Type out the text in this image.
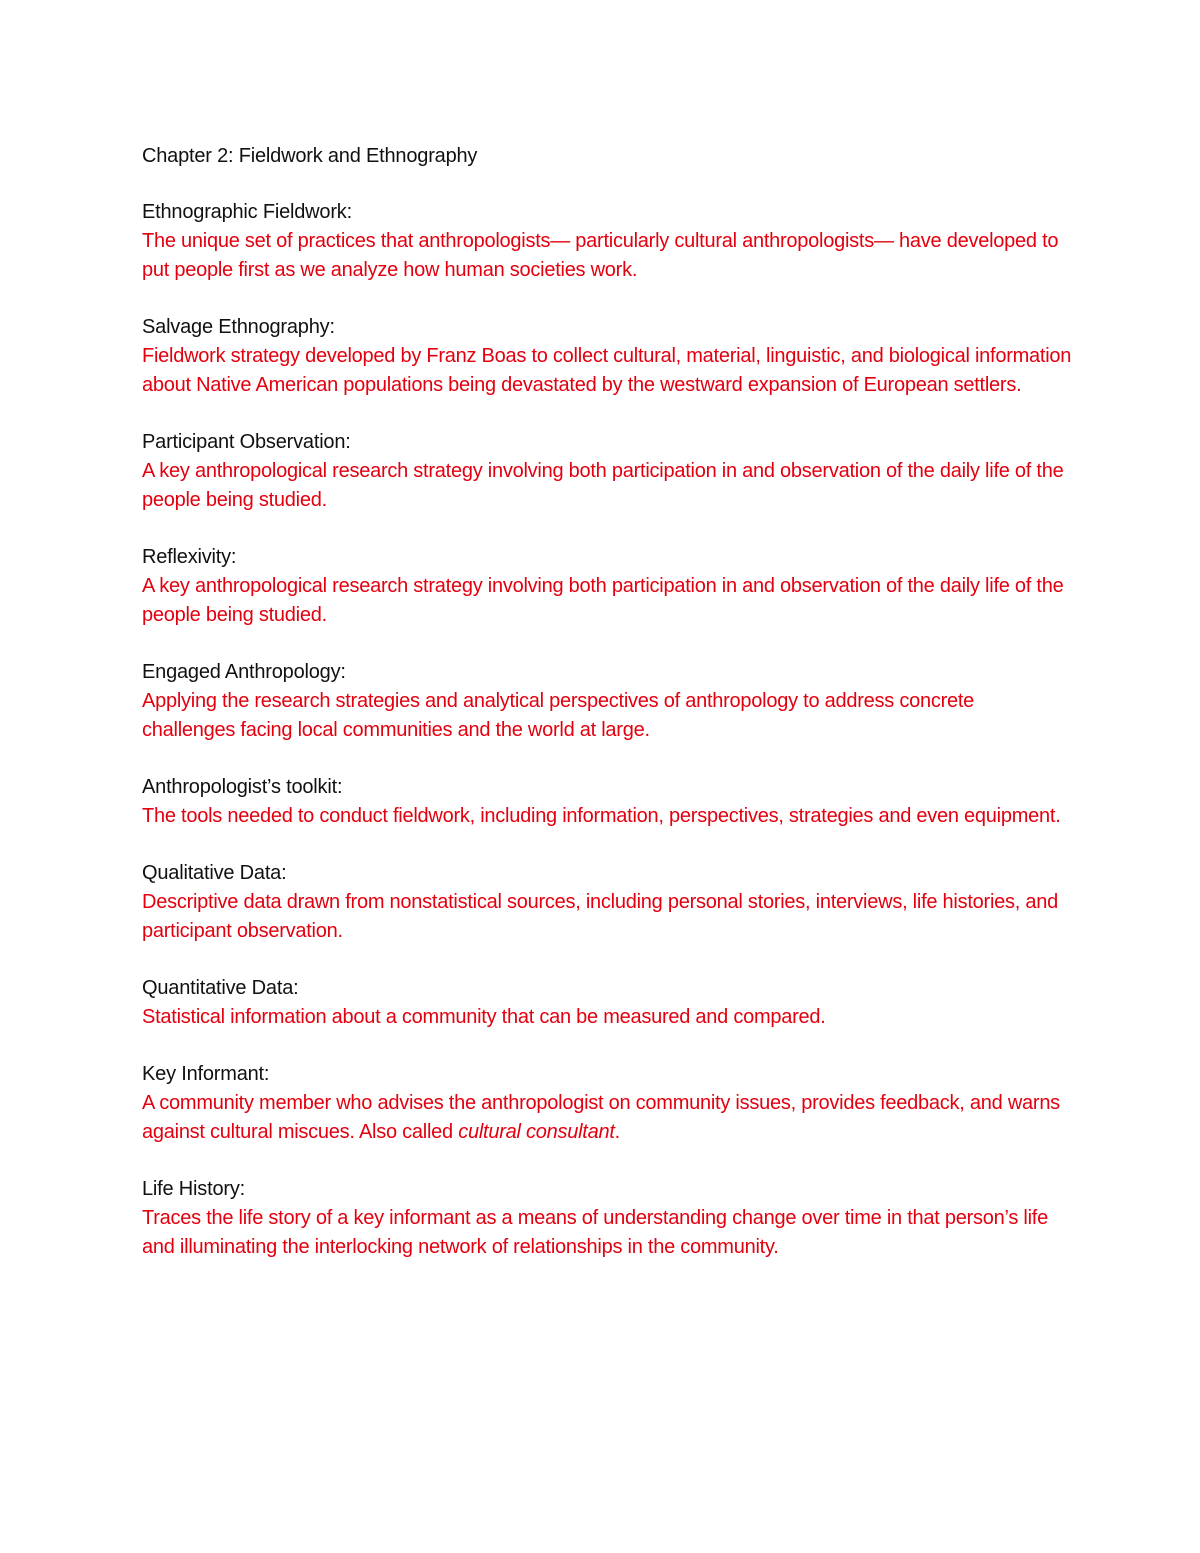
Chapter 2: Fieldwork and Ethnography
Ethnographic Fieldwork:
The unique set of practices that anthropologists— particularly cultural anthropologists— have developed to put people first as we analyze how human societies work.
Salvage Ethnography:
Fieldwork strategy developed by Franz Boas to collect cultural, material, linguistic, and biological information about Native American populations being devastated by the westward expansion of European settlers.
Participant Observation:
A key anthropological research strategy involving both participation in and observation of the daily life of the people being studied.
Reflexivity:
A key anthropological research strategy involving both participation in and observation of the daily life of the people being studied.
Engaged Anthropology:
Applying the research strategies and analytical perspectives of anthropology to address concrete challenges facing local communities and the world at large.
Anthropologist’s toolkit:
The tools needed to conduct fieldwork, including information, perspectives, strategies and even equipment.
Qualitative Data:
Descriptive data drawn from nonstatistical sources, including personal stories, interviews, life histories, and participant observation.
Quantitative Data:
Statistical information about a community that can be measured and compared.
Key Informant:
A community member who advises the anthropologist on community issues, provides feedback, and warns against cultural miscues. Also called cultural consultant.
Life History:
Traces the life story of a key informant as a means of understanding change over time in that person’s life and illuminating the interlocking network of relationships in the community.
